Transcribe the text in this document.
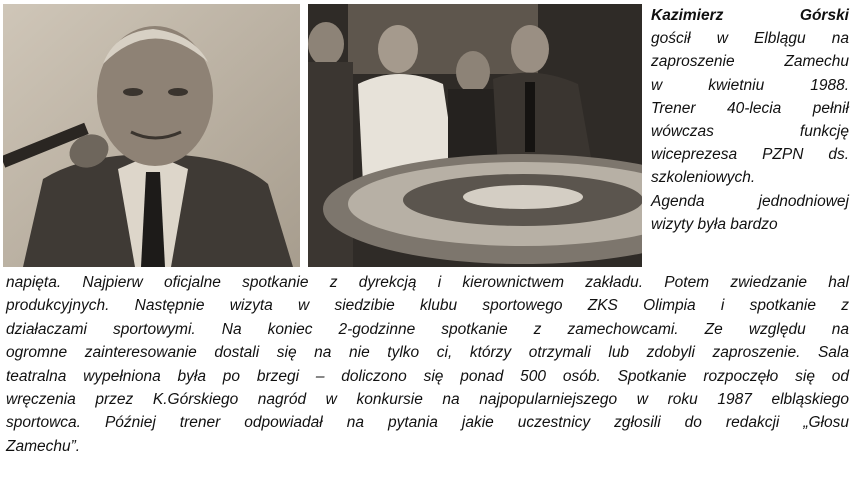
Kazimierz Górski

gościł w Elblągu na

zaproszenie Zamechu

w kwietniu 1988.

Trener 40-lecia pełnił

wówczas funkcję

wiceprezesa PZPN ds.

szkoleniowych.

Agenda jednodniowej

wizyty była bardzo

napięta. Najpierw oficjalne spotkanie z dyrekcją i kierownictwem zakładu. Potem zwiedzanie hal
produkcyjnych. Następnie wizyta w siedzibie klubu sportowego ZKS Olimpia i spotkanie z
działaczami sportowymi. Na koniec 2-godzinne spotkanie z zamechowcami. Ze względu na
ogromne zainteresowanie dostali się na nie tylko ci, którzy otrzymali lub zdobyli zaproszenie. Sala
teatralna wypełniona była po brzegi – doliczono się ponad 500 osób. Spotkanie rozpoczęło się od
wręczenia przez K.Górskiego nagród w konkursie na najpopularniejszego w roku 1987 elbląskiego
sportowca. Później trener odpowiadał na pytania jakie uczestnicy zgłosili do redakcji „Głosu
Zamechu”.
